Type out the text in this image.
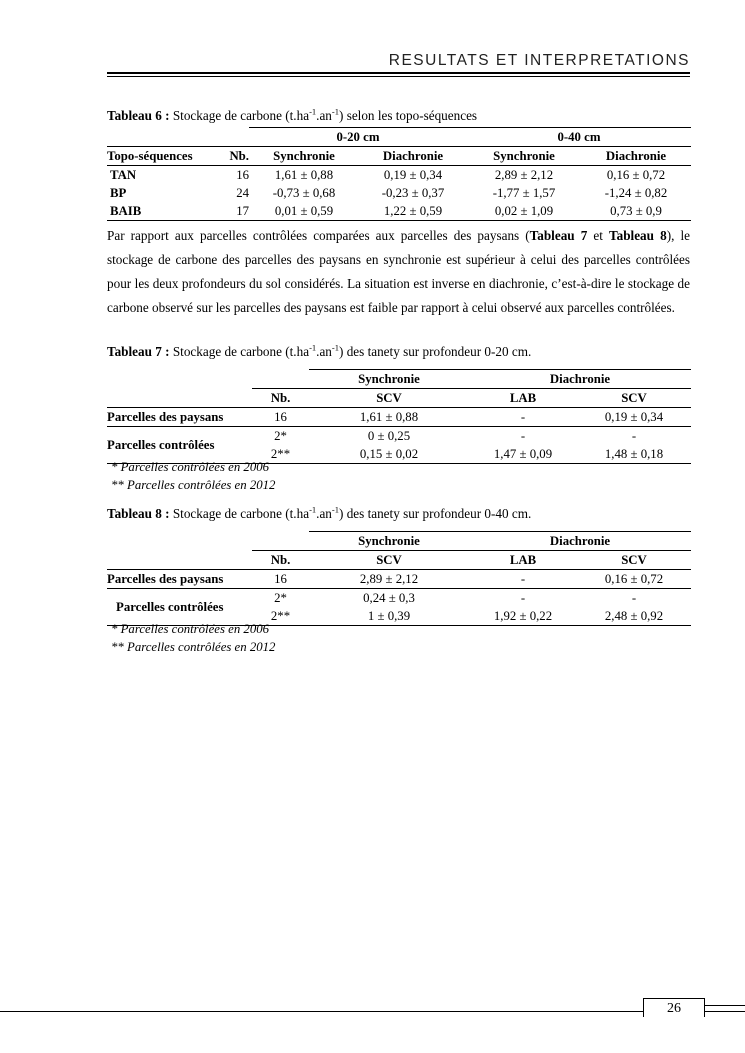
RESULTATS ET INTERPRETATIONS
Tableau 6 : Stockage de carbone $(t.ha^{-1}.an^{-1})$ selon les topo-séquences
		0-20 cm		0-40 cm	
Topo-séquences	Nb.	Synchronie	Diachronie	Synchronie	Diachronie
TAN	16	1,61 ± 0,88	0,19 ± 0,34	2,89 ± 2,12	0,16 ± 0,72
BP	24	-0,73 ± 0,68	-0,23 ± 0,37	-1,77 ± 1,57	-1,24 ± 0,82
BAIB	17	0,01 ± 0,59	1,22 ± 0,59	0,02 ± 1,09	0,73 ± 0,9
Par rapport aux parcelles contrôlées comparées aux parcelles des paysans (Tableau 7 et Tableau 8), le stockage de carbone des parcelles des paysans en synchronie est supérieur à celui des parcelles contrôlées pour les deux profondeurs du sol considérés. La situation est inverse en diachronie, c’est-à-dire le stockage de carbone observé sur les parcelles des paysans est faible par rapport à celui observé aux parcelles contrôlées.
Tableau 7 : Stockage de carbone $(t.ha^{-1}.an^{-1})$ des tanety sur profondeur 0-20 cm.
		Synchronie	Diachronie	
	Nb.	SCV	LAB	SCV
Parcelles des paysans	16	1,61 ± 0,88	-	0,19 ± 0,34
Parcelles contrôlées	2*	0 ± 0,25	-	-
	2**	0,15 ± 0,02	1,47 ± 0,09	1,48 ± 0,18
* Parcelles contrôlées en 2006
** Parcelles contrôlées en 2012
Tableau 8 : Stockage de carbone $(t.ha^{-1}.an^{-1})$ des tanety sur profondeur 0-40 cm.
		Synchronie	Diachronie	
	Nb.	SCV	LAB	SCV
Parcelles des paysans	16	2,89 ± 2,12	-	0,16 ± 0,72
Parcelles contrôlées	2*	0,24 ± 0,3	-	-
	2**	1 ± 0,39	1,92 ± 0,22	2,48 ± 0,92
* Parcelles contrôlées en 2006
** Parcelles contrôlées en 2012
26
